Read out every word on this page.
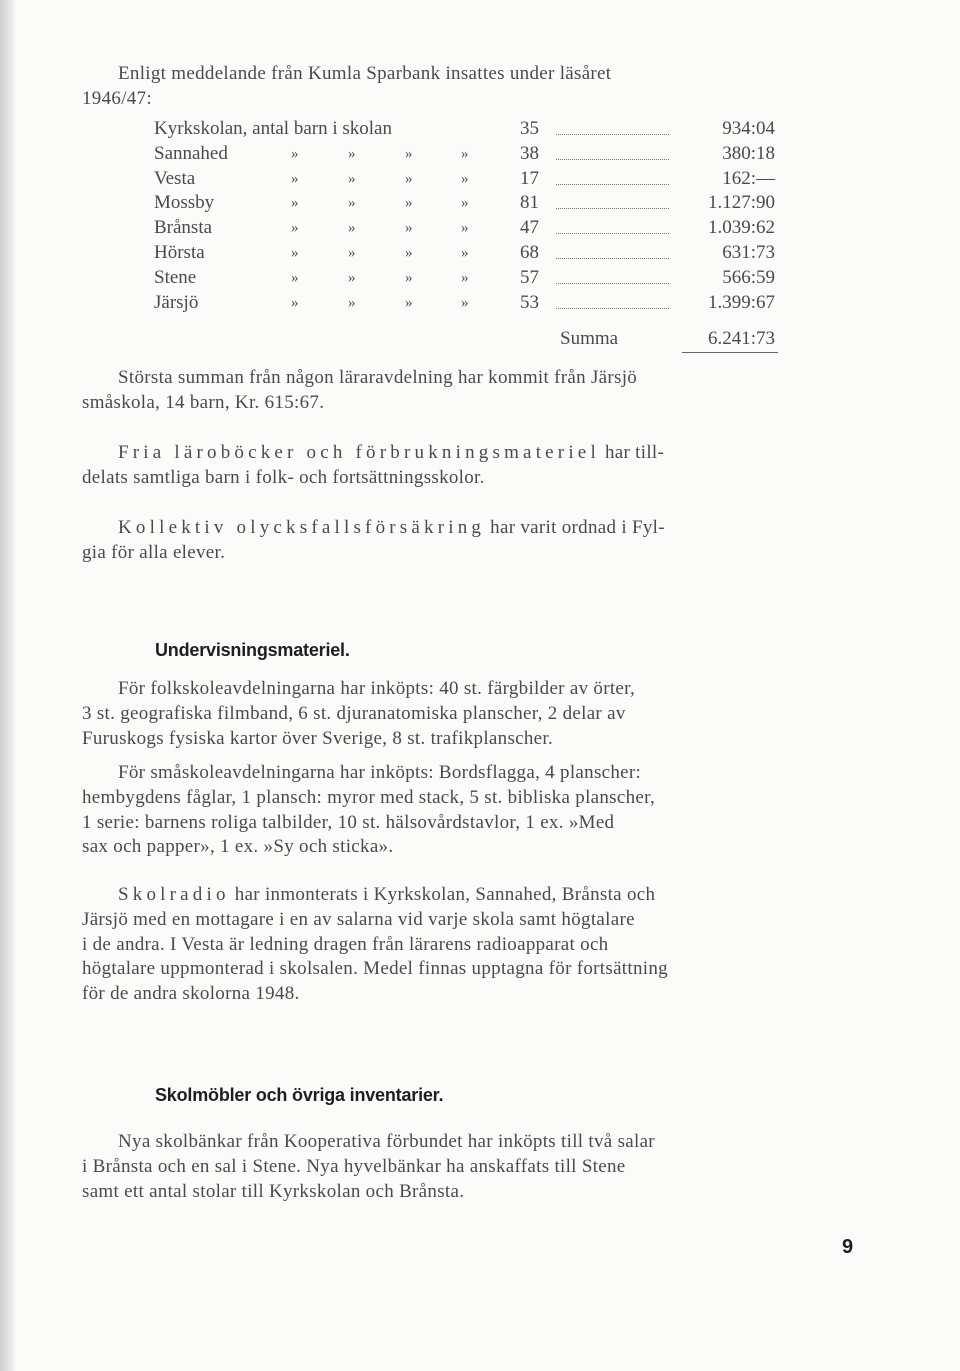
Enligt meddelande från Kumla Sparbank insattes under läsåret
1946/47:
Kyrkskolan, antal barn i skolan	35	934:04
Sannahed	»	»	»	»	38	380:18
Vesta	»	»	»	»	17	162:—
Mossby	»	»	»	»	81	1.127:90
Brånsta	»	»	»	»	47	1.039:62
Hörsta	»	»	»	»	68	631:73
Stene	»	»	»	»	57	566:59
Järsjö	»	»	»	»	53	1.399:67
Summa	6.241:73
Största summan från någon lärаravdelning har kommit från Järsjö
småskola, 14 barn, Kr. 615:67.
Fria läroböcker och förbrukningsmateriel har till-
delats samtliga barn i folk- och fortsättningsskolor.
Kollektiv olycksfallsförsäkring har varit ordnad i Fyl-
gia för alla elever.
Undervisningsmateriel.
För folkskoleavdelningarna har inköpts: 40 st. färgbilder av örter,
3 st. geografiska filmband, 6 st. djuranatomiska planscher, 2 delar av
Furuskogs fysiska kartor över Sverige, 8 st. trafikplanscher.
För småskoleavdelningarna har inköpts: Bordsflagga, 4 planscher:
hembygdens fåglar, 1 plansch: myror med stack, 5 st. bibliska planscher,
1 serie: barnens roliga talbilder, 10 st. hälsovårdstavlor, 1 ex. »Med
sax och papper», 1 ex. »Sy och sticka».
Skolradio har inmonterats i Kyrkskolan, Sannahed, Brånsta och
Järsjö med en mottagare i en av salarna vid varje skola samt högtalare
i de andra. I Vesta är ledning dragen från lärarens radioapparat och
högtalare uppmonterad i skolsalen. Medel finnas upptagna för fortsättning
för de andra skolorna 1948.
Skolmöbler och övriga inventarier.
Nya skolbänkar från Kooperativa förbundet har inköpts till två salar
i Brånsta och en sal i Stene. Nya hyvelbänkar ha anskaffats till Stene
samt ett antal stolar till Kyrkskolan och Brånsta.
9
